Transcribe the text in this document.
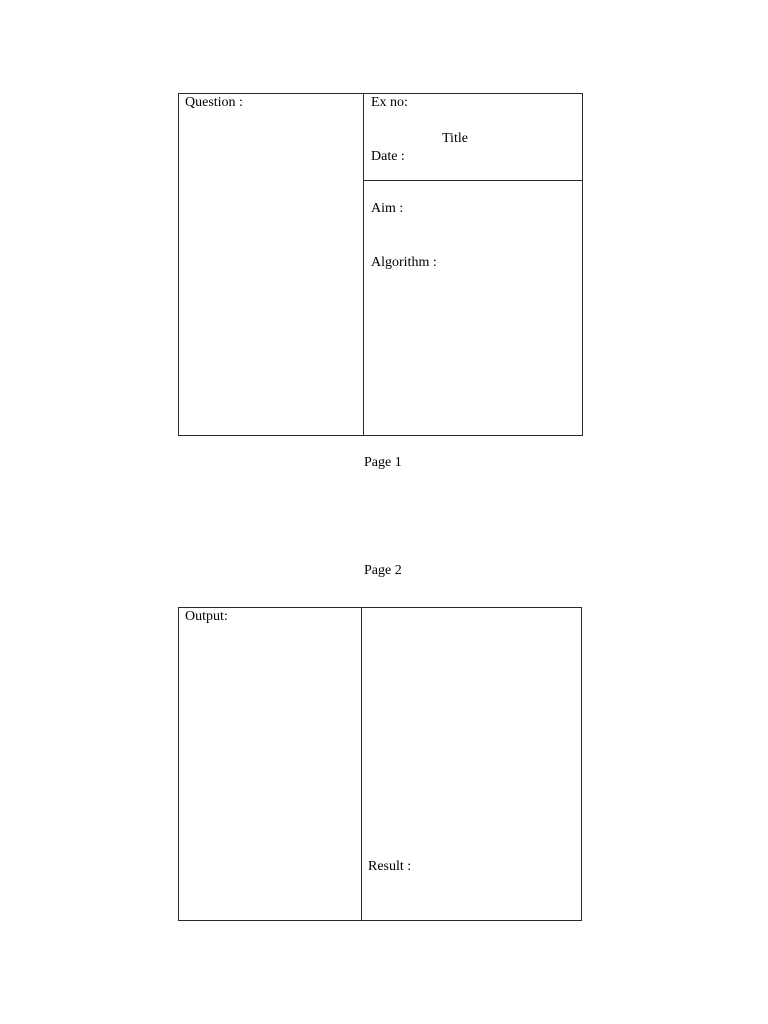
Question :	Ex no:
Title
Date :
Aim :
Algorithm :
Page 1
Page 2
Output:
Result :
